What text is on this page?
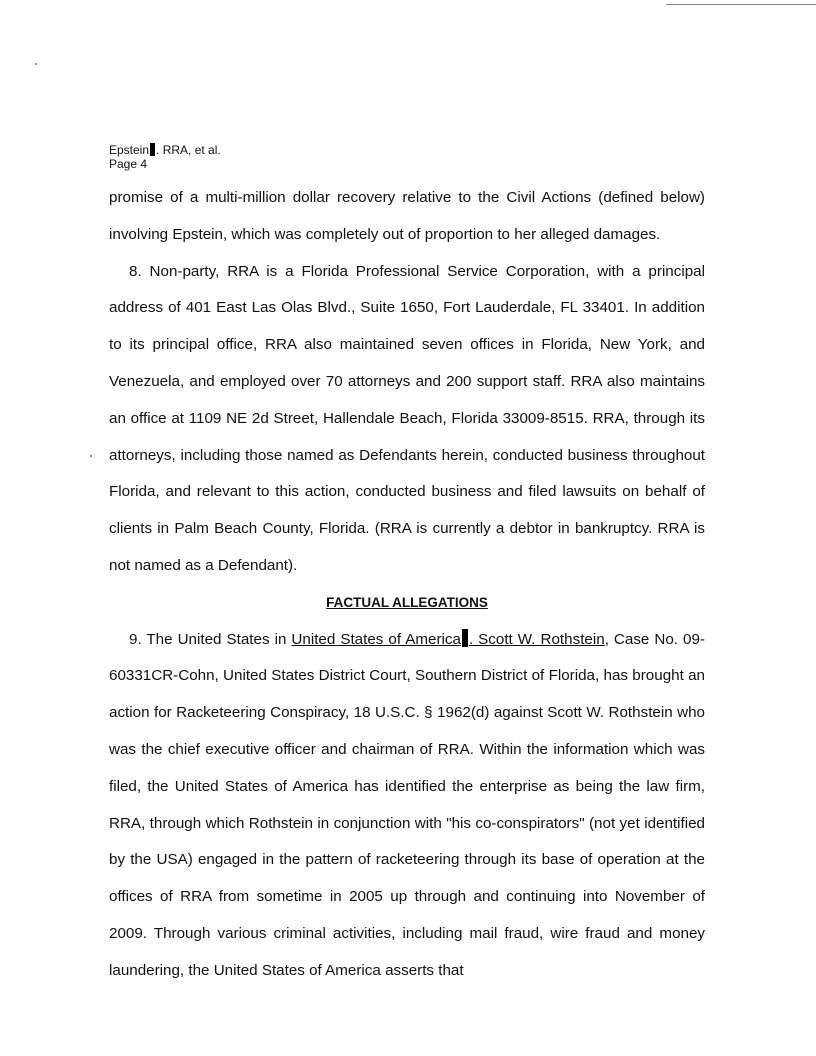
Epstein . RRA, et al.
Page 4

promise of a multi-million dollar recovery relative to the Civil Actions (defined below) involving Epstein, which was completely out of proportion to her alleged damages.

8. Non-party, RRA is a Florida Professional Service Corporation, with a principal address of 401 East Las Olas Blvd., Suite 1650, Fort Lauderdale, FL 33401. In addition to its principal office, RRA also maintained seven offices in Florida, New York, and Venezuela, and employed over 70 attorneys and 200 support staff. RRA also maintains an office at 1109 NE 2d Street, Hallendale Beach, Florida 33009-8515. RRA, through its attorneys, including those named as Defendants herein, conducted business throughout Florida, and relevant to this action, conducted business and filed lawsuits on behalf of clients in Palm Beach County, Florida. (RRA is currently a debtor in bankruptcy. RRA is not named as a Defendant).

FACTUAL ALLEGATIONS

9. The United States in United States of America . Scott W. Rothstein, Case No. 09-60331CR-Cohn, United States District Court, Southern District of Florida, has brought an action for Racketeering Conspiracy, 18 U.S.C. § 1962(d) against Scott W. Rothstein who was the chief executive officer and chairman of RRA. Within the information which was filed, the United States of America has identified the enterprise as being the law firm, RRA, through which Rothstein in conjunction with "his co-conspirators" (not yet identified by the USA) engaged in the pattern of racketeering through its base of operation at the offices of RRA from sometime in 2005 up through and continuing into November of 2009. Through various criminal activities, including mail fraud, wire fraud and money laundering, the United States of America asserts that
